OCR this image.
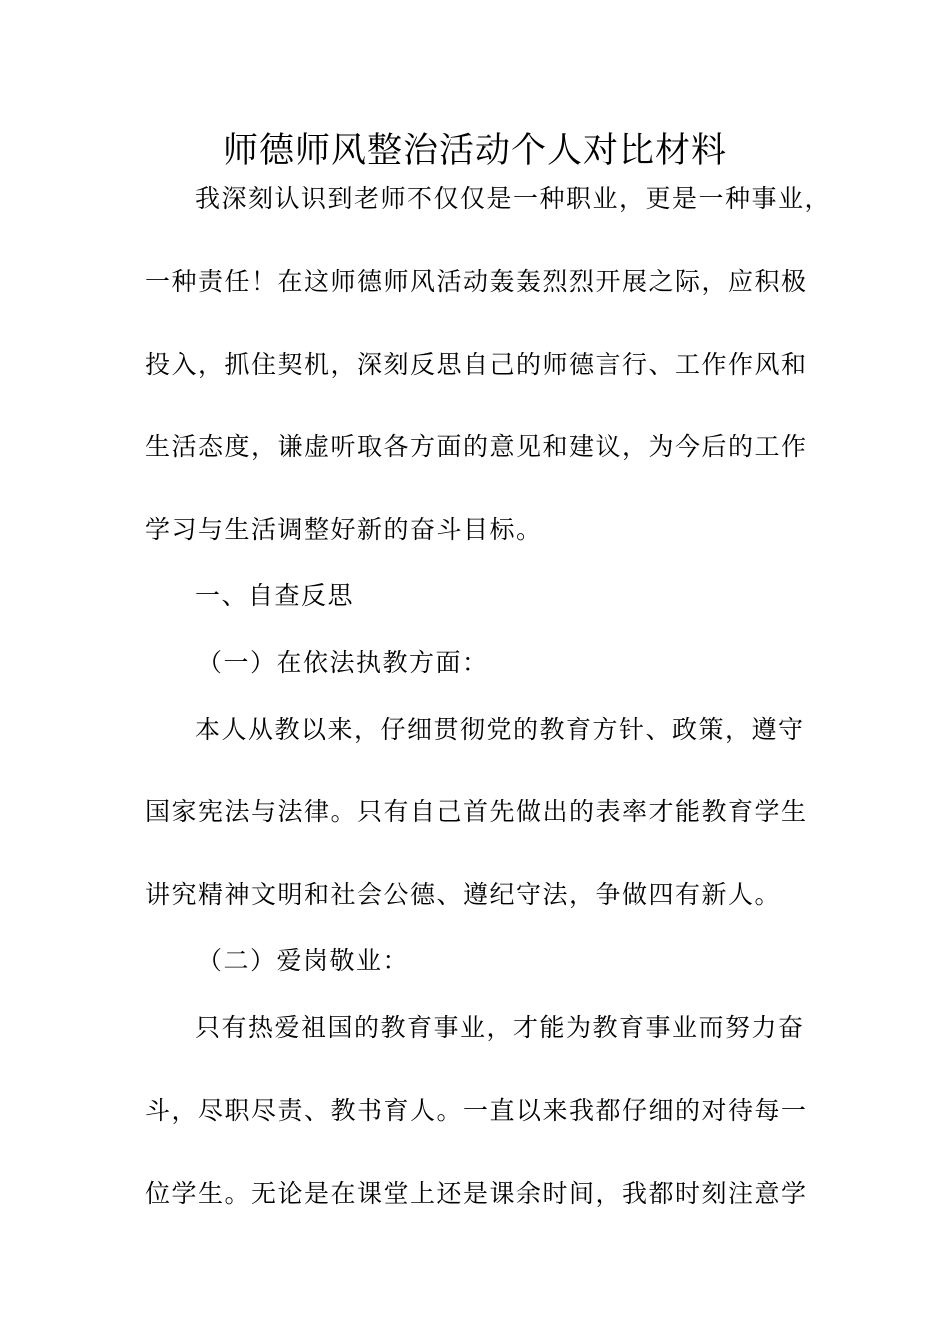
师德师风整治活动个人对比材料
我深刻认识到老师不仅仅是一种职业，更是一种事业，
一种责任！在这师德师风活动轰轰烈烈开展之际，应积极
投入，抓住契机，深刻反思自己的师德言行、工作作风和
生活态度，谦虚听取各方面的意见和建议，为今后的工作
学习与生活调整好新的奋斗目标。
一、自查反思
（一）在依法执教方面：
本人从教以来，仔细贯彻党的教育方针、政策，遵守
国家宪法与法律。只有自己首先做出的表率才能教育学生
讲究精神文明和社会公德、遵纪守法，争做四有新人。
（二）爱岗敬业：
只有热爱祖国的教育事业，才能为教育事业而努力奋
斗，尽职尽责、教书育人。一直以来我都仔细的对待每一
位学生。无论是在课堂上还是课余时间，我都时刻注意学
